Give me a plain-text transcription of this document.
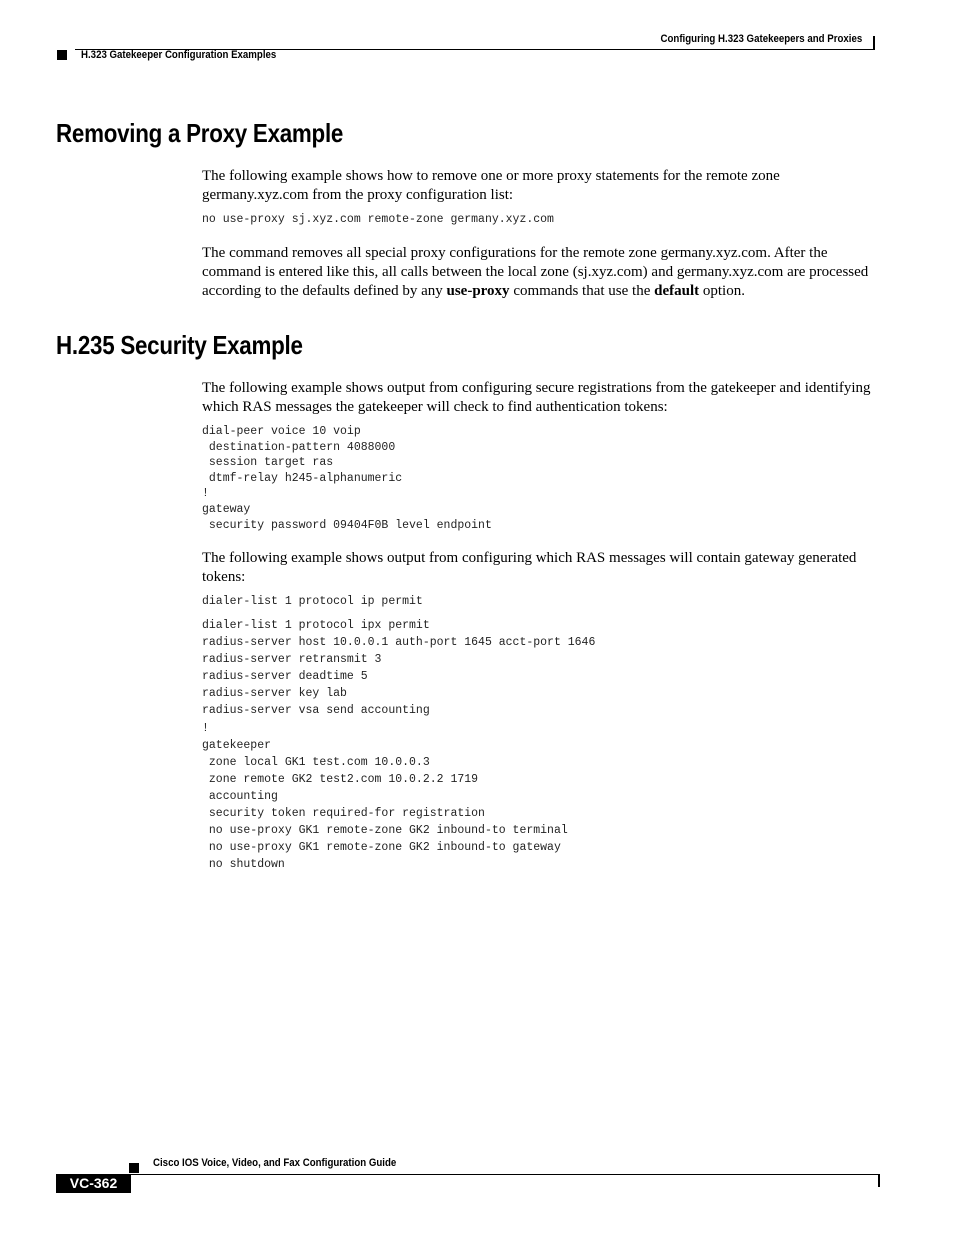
Configuring H.323 Gatekeepers and Proxies
H.323 Gatekeeper Configuration Examples
Removing a Proxy Example

The following example shows how to remove one or more proxy statements for the remote zone germany.xyz.com from the proxy configuration list:

no use-proxy sj.xyz.com remote-zone germany.xyz.com

The command removes all special proxy configurations for the remote zone germany.xyz.com. After the command is entered like this, all calls between the local zone (sj.xyz.com) and germany.xyz.com are processed according to the defaults defined by any use-proxy commands that use the default option.

H.235 Security Example

The following example shows output from configuring secure registrations from the gatekeeper and identifying which RAS messages the gatekeeper will check to find authentication tokens:

dial-peer voice 10 voip
destination-pattern 4088000
session target ras
dtmf-relay h245-alphanumeric
!
gateway
security password 09404F0B level endpoint

The following example shows output from configuring which RAS messages will contain gateway generated tokens:

dialer-list 1 protocol ip permit
dialer-list 1 protocol ipx permit
radius-server host 10.0.0.1 auth-port 1645 acct-port 1646
radius-server retransmit 3
radius-server deadtime 5
radius-server key lab
radius-server vsa send accounting
!
gatekeeper
zone local GK1 test.com 10.0.0.3
zone remote GK2 test2.com 10.0.2.2 1719
accounting
security token required-for registration
no use-proxy GK1 remote-zone GK2 inbound-to terminal
no use-proxy GK1 remote-zone GK2 inbound-to gateway
no shutdown
Cisco IOS Voice, Video, and Fax Configuration Guide
VC-362
